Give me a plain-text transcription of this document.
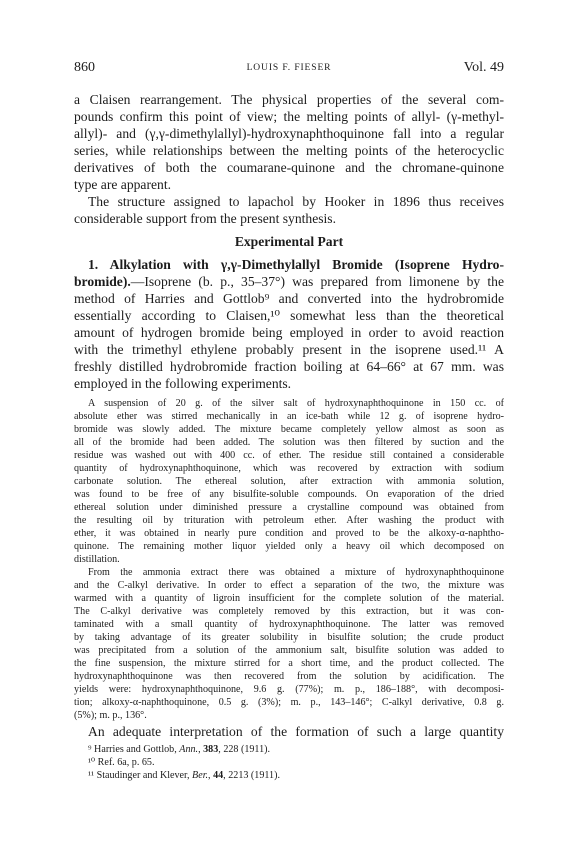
860	LOUIS F. FIESER	Vol. 49
a Claisen rearrangement. The physical properties of the several com-
pounds confirm this point of view; the melting points of allyl- (γ-methyl-
allyl)- and (γ,γ-dimethylallyl)-hydroxynaphthoquinone fall into a regular
series, while relationships between the melting points of the heterocyclic
derivatives of both the coumarane-quinone and the chromane-quinone
type are apparent.
The structure assigned to lapachol by Hooker in 1896 thus receives
considerable support from the present synthesis.
Experimental Part
1. Alkylation with γ,γ-Dimethylallyl Bromide (Isoprene Hydro-
bromide).—Isoprene (b. p., 35–37°) was prepared from limonene by the
method of Harries and Gottlob⁹ and converted into the hydrobromide
essentially according to Claisen,¹⁰ somewhat less than the theoretical
amount of hydrogen bromide being employed in order to avoid reaction
with the trimethyl ethylene probably present in the isoprene used.¹¹ A
freshly distilled hydrobromide fraction boiling at 64–66° at 67 mm. was
employed in the following experiments.
A suspension of 20 g. of the silver salt of hydroxynaphthoquinone in 150 cc. of
absolute ether was stirred mechanically in an ice-bath while 12 g. of isoprene hydro-
bromide was slowly added. The mixture became completely yellow almost as soon as
all of the bromide had been added. The solution was then filtered by suction and the
residue was washed out with 400 cc. of ether. The residue still contained a considerable
quantity of hydroxynaphthoquinone, which was recovered by extraction with sodium
carbonate solution. The ethereal solution, after extraction with ammonia solution,
was found to be free of any bisulfite-soluble compounds. On evaporation of the dried
ethereal solution under diminished pressure a crystalline compound was obtained from
the resulting oil by trituration with petroleum ether. After washing the product with
ether, it was obtained in nearly pure condition and proved to be the alkoxy-α-naphtho-
quinone. The remaining mother liquor yielded only a heavy oil which decomposed on
distillation.
From the ammonia extract there was obtained a mixture of hydroxynaphthoquinone
and the C-alkyl derivative. In order to effect a separation of the two, the mixture was
warmed with a quantity of ligroin insufficient for the complete solution of the material.
The C-alkyl derivative was completely removed by this extraction, but it was con-
taminated with a small quantity of hydroxynaphthoquinone. The latter was removed
by taking advantage of its greater solubility in bisulfite solution; the crude product
was precipitated from a solution of the ammonium salt, bisulfite solution was added to
the fine suspension, the mixture stirred for a short time, and the product collected. The
hydroxynaphthoquinone was then recovered from the solution by acidification. The
yields were: hydroxynaphthoquinone, 9.6 g. (77%); m. p., 186–188°, with decomposi-
tion; alkoxy-α-naphthoquinone, 0.5 g. (3%); m. p., 143–146°; C-alkyl derivative, 0.8 g.
(5%); m. p., 136°.
An adequate interpretation of the formation of such a large quantity
⁹ Harries and Gottlob, Ann., 383, 228 (1911).
¹⁰ Ref. 6a, p. 65.
¹¹ Staudinger and Klever, Ber., 44, 2213 (1911).
